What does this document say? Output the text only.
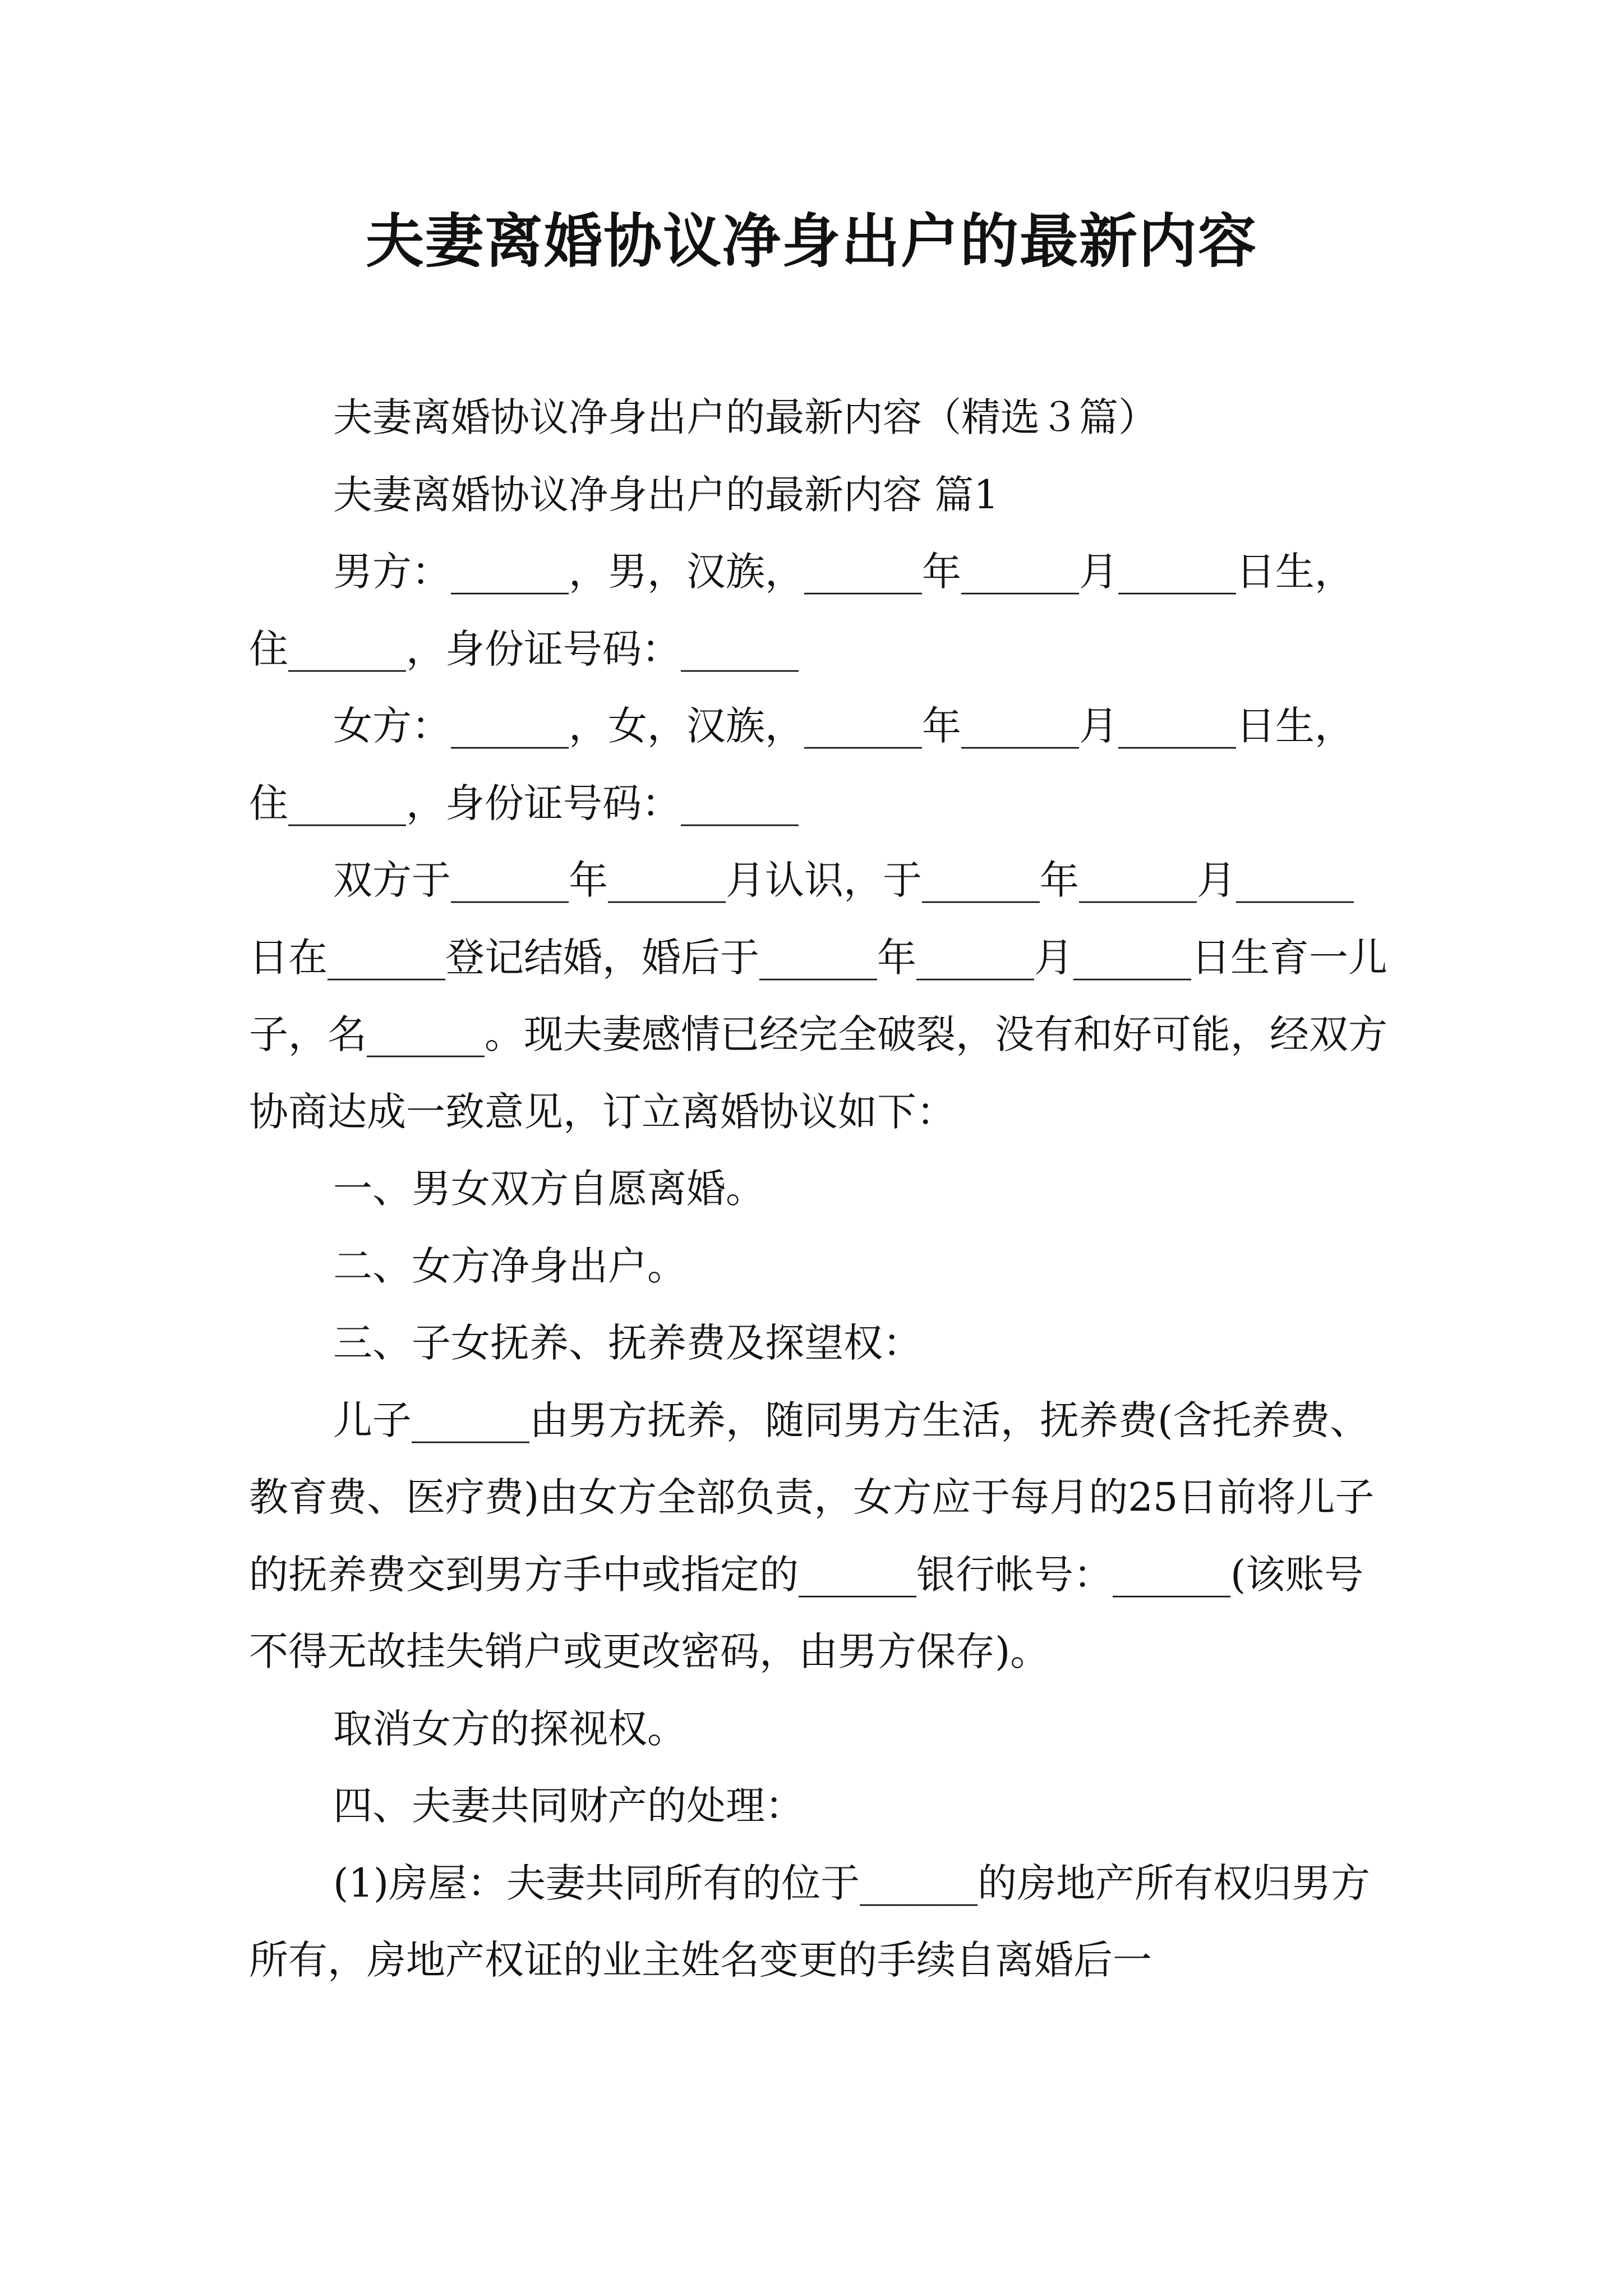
夫妻离婚协议净身出户的最新内容

夫妻离婚协议净身出户的最新内容（精选３篇）

夫妻离婚协议净身出户的最新内容 篇1

男方：______，男，汉族，______年______月______日生，住______，身份证号码：______

女方：______，女，汉族，______年______月______日生，住______，身份证号码：______

双方于______年______月认识，于______年______月______日在______登记结婚，婚后于______年______月______日生育一儿子，名______。现夫妻感情已经完全破裂，没有和好可能，经双方协商达成一致意见，订立离婚协议如下：

一、男女双方自愿离婚。

二、女方净身出户。

三、子女抚养、抚养费及探望权：

儿子______由男方抚养，随同男方生活，抚养费(含托养费、教育费、医疗费)由女方全部负责，女方应于每月的25日前将儿子的抚养费交到男方手中或指定的______银行帐号：______(该账号不得无故挂失销户或更改密码，由男方保存)。

取消女方的探视权。

四、夫妻共同财产的处理：

(1)房屋：夫妻共同所有的位于______的房地产所有权归男方所有，房地产权证的业主姓名变更的手续自离婚后一
